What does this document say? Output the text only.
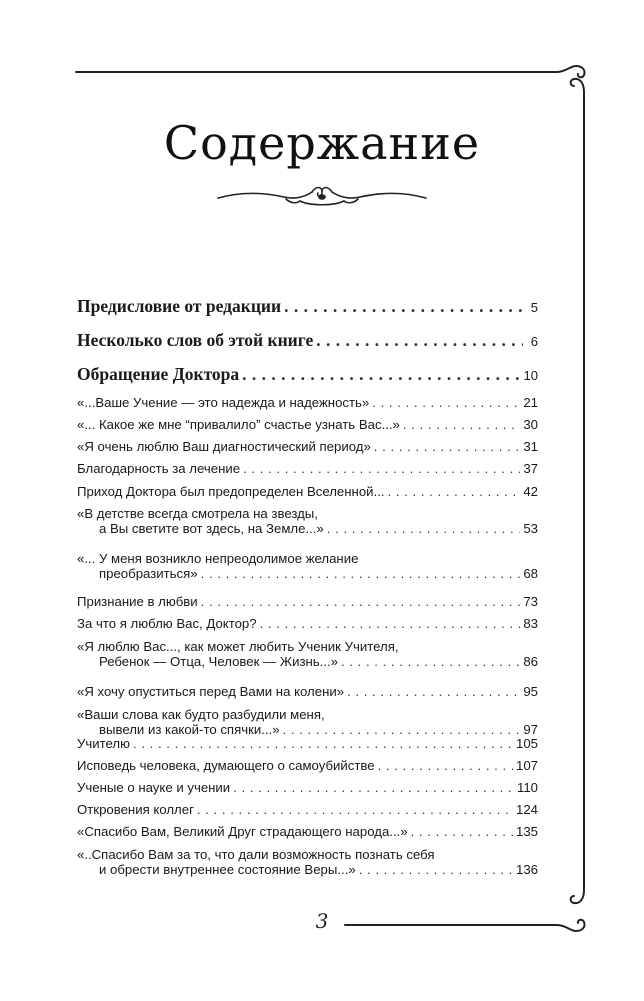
Содержание
Предисловие от редакции . . .	5
Несколько слов об этой книге . . .	6
Обращение Доктора . . .	10
«...Ваше Учение — это надежда и надежность» . . .	21
«... Какое же мне “привалило” счастье узнать Вас...» . . .	30
«Я очень люблю Ваш диагностический период» . . .	31
Благодарность за лечение . . .	37
Приход Доктора был предопределен Вселенной... . . .	42
«В детстве всегда смотрела на звезды,
а Вы светите вот здесь, на Земле...» . . .	53
«... У меня возникло непреодолимое желание
преобразиться» . . .	68
Признание в любви . . .	73
За что я люблю Вас, Доктор? . . .	83
«Я люблю Вас..., как может любить Ученик Учителя,
Ребенок — Отца, Человек — Жизнь...» . . .	86
«Я хочу опуститься перед Вами на колени» . . .	95
«Ваши слова как будто разбудили меня,
вывели из какой-то спячки...» . . .	97
Учителю . . .	105
Исповедь человека, думающего о самоубийстве . . .	107
Ученые о науке и учении . . .	110
Откровения коллег . . .	124
«Спасибо Вам, Великий Друг страдающего народа...» . . .	135
«..Спасибо Вам за то, что дали возможность познать себя
и обрести внутреннее состояние Веры...» . . .	136
3
